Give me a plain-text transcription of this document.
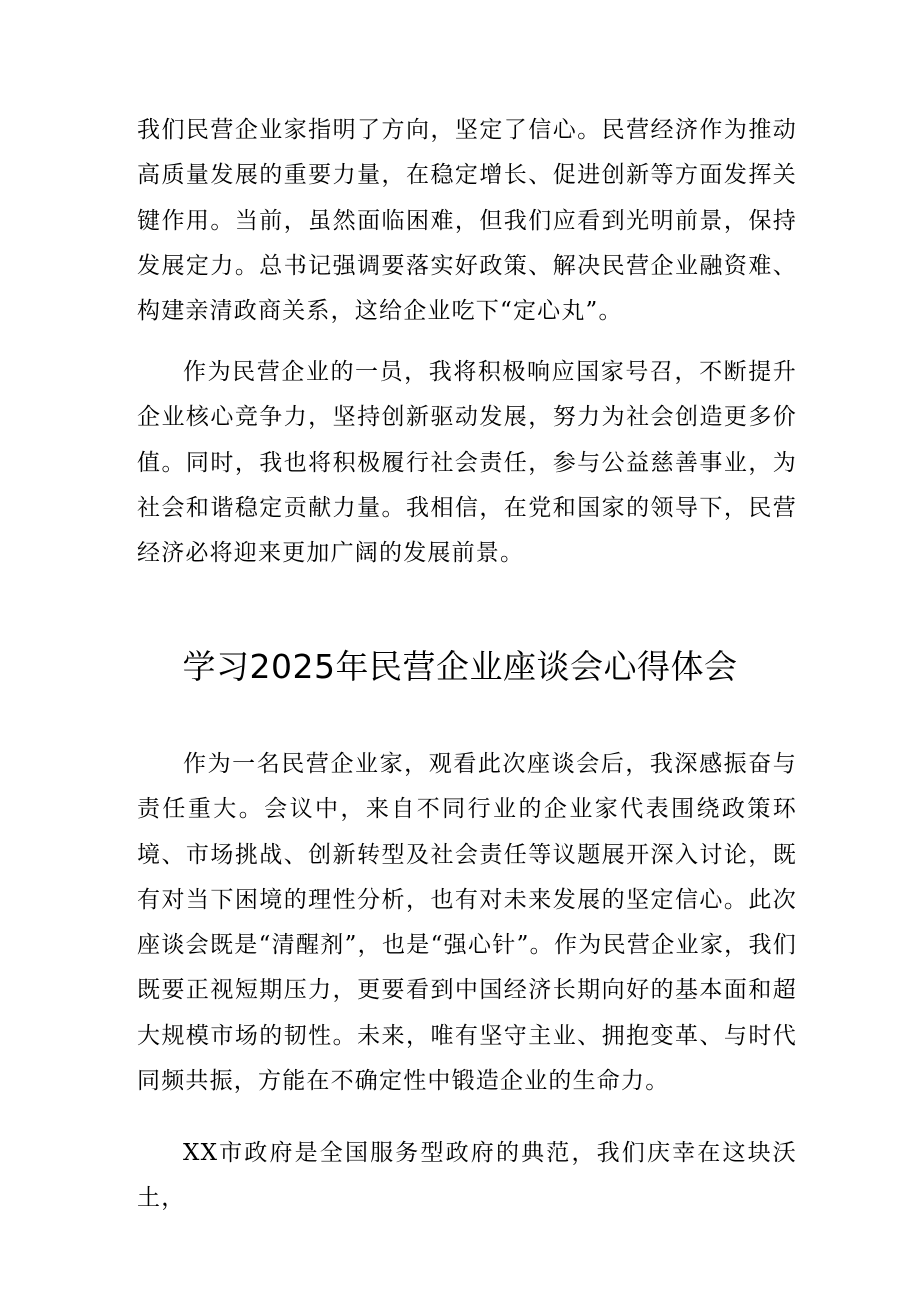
我们民营企业家指明了方向，坚定了信心。民营经济作为推动高质量发展的重要力量，在稳定增长、促进创新等方面发挥关键作用。当前，虽然面临困难，但我们应看到光明前景，保持发展定力。总书记强调要落实好政策、解决民营企业融资难、构建亲清政商关系，这给企业吃下“定心丸”。

作为民营企业的一员，我将积极响应国家号召，不断提升企业核心竞争力，坚持创新驱动发展，努力为社会创造更多价值。同时，我也将积极履行社会责任，参与公益慈善事业，为社会和谐稳定贡献力量。我相信，在党和国家的领导下，民营经济必将迎来更加广阔的发展前景。

学习2025年民营企业座谈会心得体会

作为一名民营企业家，观看此次座谈会后，我深感振奋与责任重大。会议中，来自不同行业的企业家代表围绕政策环境、市场挑战、创新转型及社会责任等议题展开深入讨论，既有对当下困境的理性分析，也有对未来发展的坚定信心。此次座谈会既是“清醒剂”，也是“强心针”。作为民营企业家，我们既要正视短期压力，更要看到中国经济长期向好的基本面和超大规模市场的韧性。未来，唯有坚守主业、拥抱变革、与时代同频共振，方能在不确定性中锻造企业的生命力。

XX市政府是全国服务型政府的典范，我们庆幸在这块沃土，
